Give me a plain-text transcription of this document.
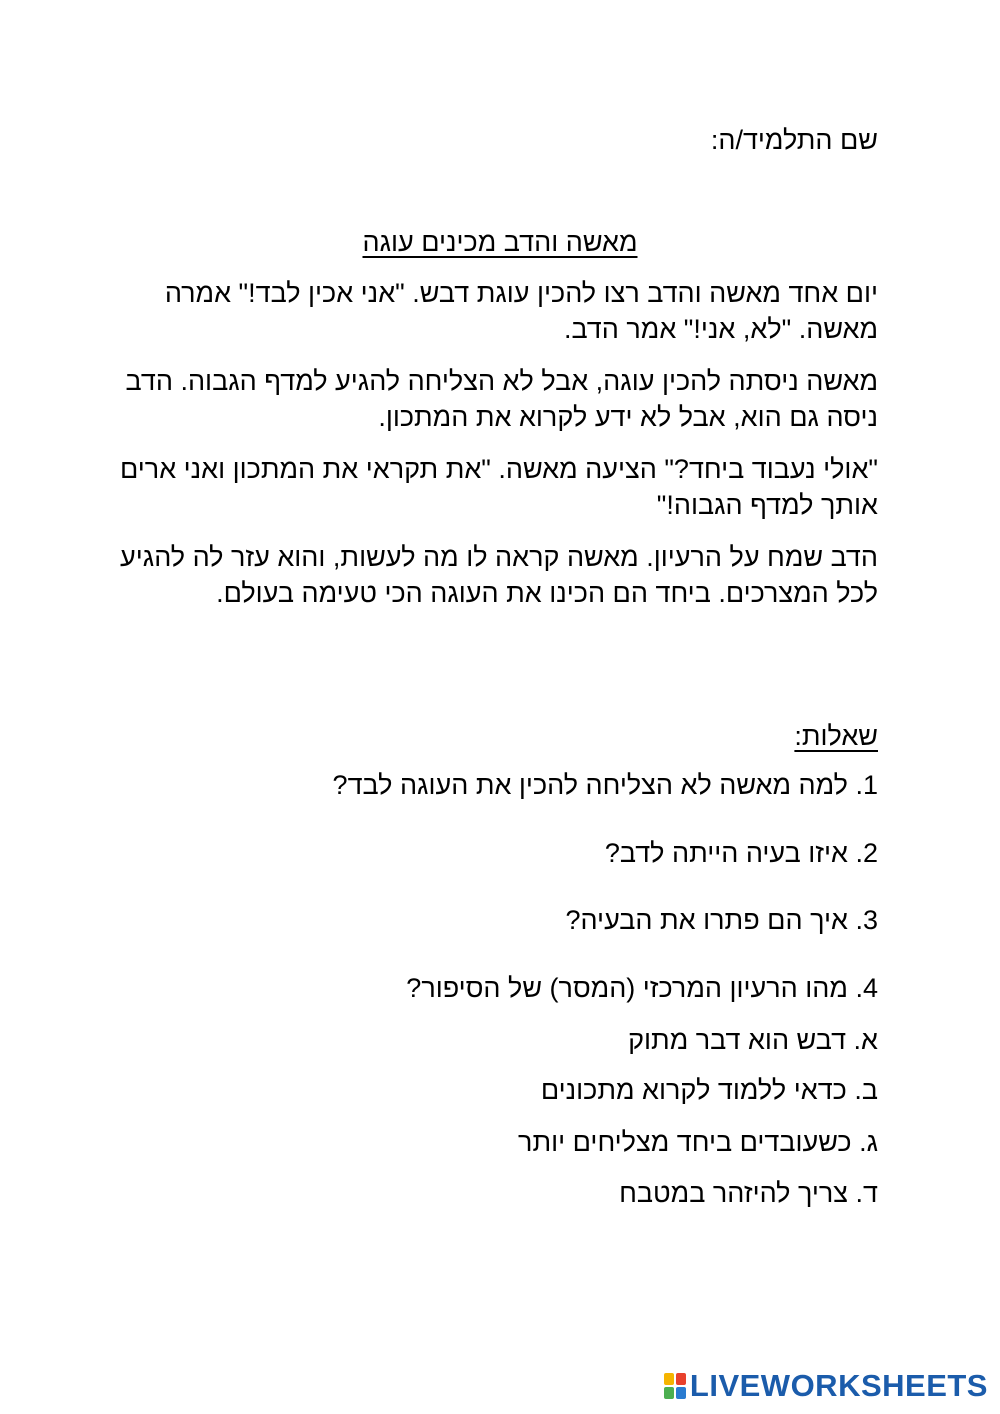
שם התלמיד/ה:
מאשה והדב מכינים עוגה

יום אחד מאשה והדב רצו להכין עוגת דבש. "אני אכין לבד!" אמרה מאשה. "לא, אני!" אמר הדב.

מאשה ניסתה להכין עוגה, אבל לא הצליחה להגיע למדף הגבוה. הדב ניסה גם הוא, אבל לא ידע לקרוא את המתכון.

"אולי נעבוד ביחד?" הציעה מאשה. "את תקראי את המתכון ואני ארים אותך למדף הגבוה!"

הדב שמח על הרעיון. מאשה קראה לו מה לעשות, והוא עזר לה להגיע לכל המצרכים. ביחד הם הכינו את העוגה הכי טעימה בעולם.

שאלות:
1. למה מאשה לא הצליחה להכין את העוגה לבד?
2. איזו בעיה הייתה לדב?
3. איך הם פתרו את הבעיה?
4. מהו הרעיון המרכזי (המסר) של הסיפור?
א. דבש הוא דבר מתוק
ב. כדאי ללמוד לקרוא מתכונים
ג. כשעובדים ביחד מצליחים יותר
ד. צריך להיזהר במטבח
LIVEWORKSHEETS
